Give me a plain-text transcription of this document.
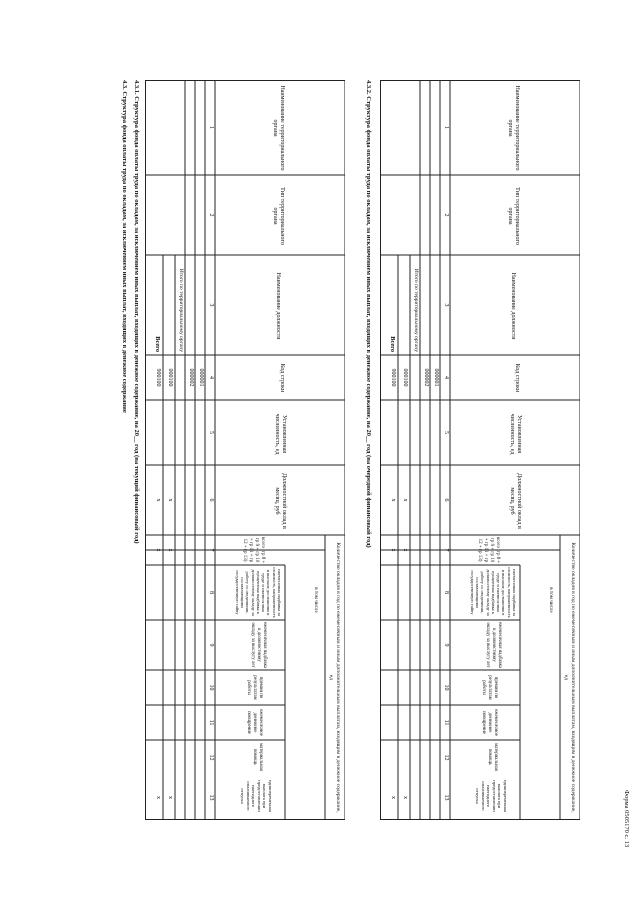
Форма 0505170 с. 13
4.3. Структура фонда оплаты труда по окладам, за исключением иных выплат, входящих в денежное содержание 4.3.1. Структура фонда оплаты труда по окладам, за исключением иных выплат, входящих в денежное содержание, на 20__ год (на текущий финансовый год)	Наименование территориального органа
Тип территориального органа
Наименование должности
Код строки
Установленная численность, ед
Должностной оклад в месяц, руб
Количество окладов в год по ежемесячным и иным дополнительным выплатам, входящим в денежное содержание, ед
всего (гр 8 + гр 9 + гр 10 + гр 11 + гр 12 + гр 13)
в том числе
ежемесячная надбавка за сложность, напряженность и высокие достижения в труде и ежемесячная процентная надбавка к должностному окладу за работу со сведениями, составляющими государственную тайну
ежемесячная надбавка к должностному окладу за выслугу лет
премии по результатам работы
ежемесячное денежное поощрение
материальная помощь
единовременная выплата при предоставлении ежегодного оплачиваемого отпуска
1
2
3
4
5
6
7
8
9
10
11
12
13
000001
000002
Итого по территориальному органу
000100
Всего
900100
x
x
x
x
x
x
4.3.2. Структура фонда оплаты труда по окладам, за исключением иных выплат, входящих в денежное содержание, на 20__ год (на очередной финансовый год)	Наименование территориального органа
Тип территориального органа
Наименование должности
Код строки
Установленная численность, ед
Должностной оклад в месяц, руб
Количество окладов в год по ежемесячным и иным дополнительным выплатам, входящим в денежное содержание, ед
всего (гр 8 + гр 9 + гр 10 + гр 11 + гр 12 + гр 13)
в том числе
ежемесячная надбавка за сложность, напряженность и высокие достижения в труде и ежемесячная процентная надбавка к должностному окладу за работу со сведениями, составляющими государственную тайну
ежемесячная надбавка к должностному окладу за выслугу лет
премии по результатам работы
ежемесячное денежное поощрение
материальная помощь
единовременная выплата при предоставлении ежегодного оплачиваемого отпуска
1
2
3
4
5
6
7
8
9
10
11
12
13
000001
000002
Итого по территориальному органу
000100
Всего
900100
x
x
x
x
x
x
